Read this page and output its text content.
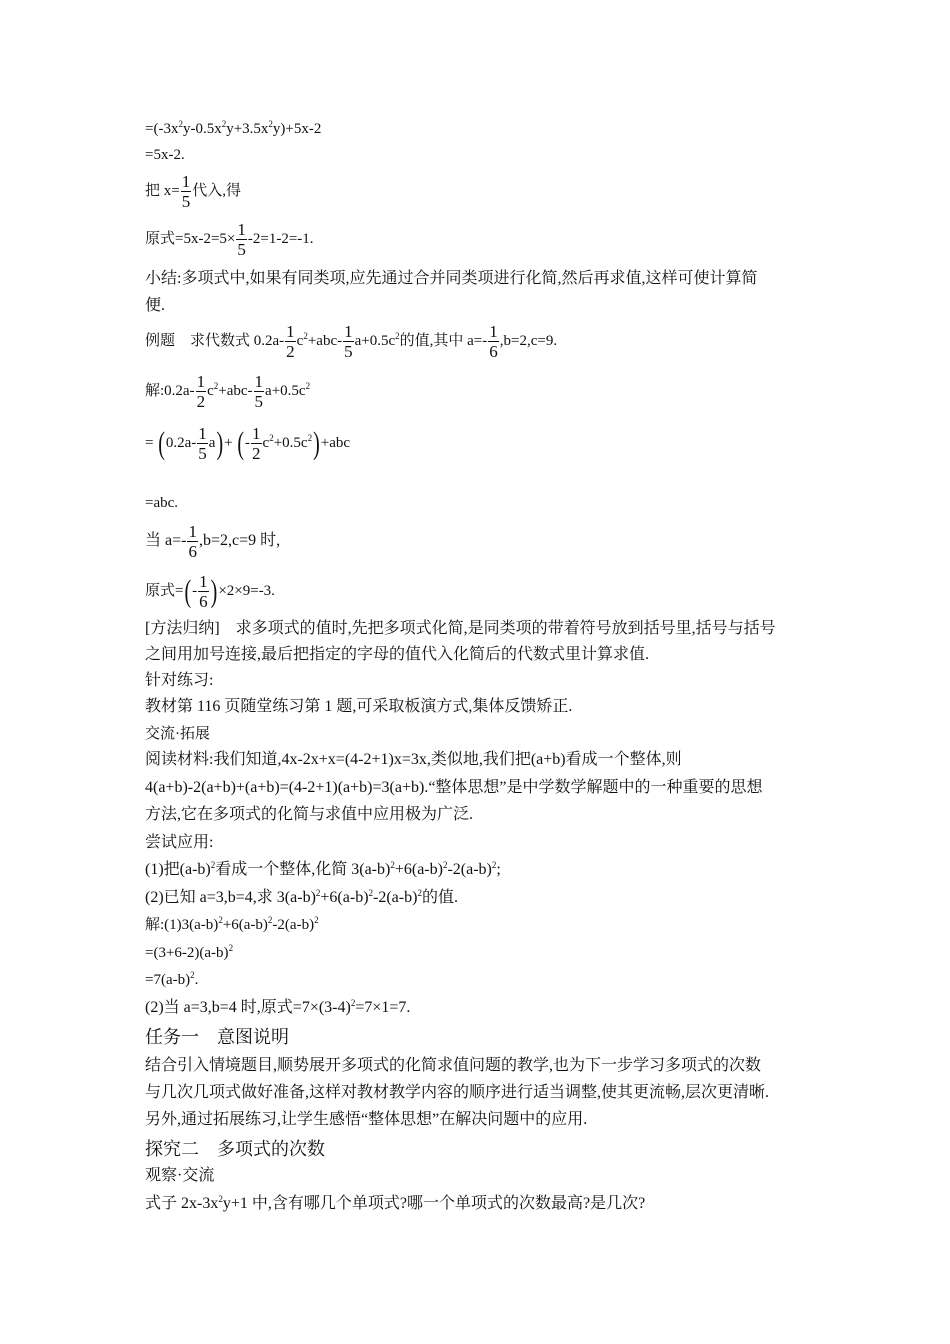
$=(-3x^2y-0.5x^2y+3.5x^2y)+5x-2$
=5x-2.
把 $x= \frac{1}{5}$ 代入,得
原式$=5x-2=5\times \frac{1}{5} -2=1-2=-1$.
小结:多项式中,如果有同类项,应先通过合并同类项进行化简,然后再求值,这样可使计算简
便.
例题　求代数式 $0.2a- \frac{1}{2} c^2+abc- \frac{1}{5} a+0.5c^2$的值,其中 $a=- \frac{1}{6} ,b=2,c=9$.
解:0.2a- $\frac{1}{2} c^2+abc- \frac{1}{5} a+0.5c^2$
= $(0.2a- \frac{1}{5} a)+$ (- $\frac{1}{2} c^2+0.5c^2)+abc$
=abc.
当 $a=- \frac{1}{6} ,b=2,c=9$ 时,
原式=(- $\frac{1}{6} )\times 2\times 9=-3$.
[方法归纳]　求多项式的值时,先把多项式化简,是同类项的带着符号放到括号里,括号与括号
之间用加号连接,最后把指定的字母的值代入化简后的代数式里计算求值.
针对练习:
教材第 116 页随堂练习第 1 题,可采取板演方式,集体反馈矫正.
交流·拓展
阅读材料:我们知道,4x-2x+x=(4-2+1)x=3x,类似地,我们把(a+b)看成一个整体,则
4(a+b)-2(a+b)+(a+b)=(4-2+1)(a+b)=3(a+b).“整体思想”是中学数学解题中的一种重要的思想
方法,它在多项式的化简与求值中应用极为广泛.
尝试应用:
(1)把$(a-b)^2$看成一个整体,化简 $3(a-b)^2+6(a-b)^2-2(a-b)^2$;
(2)已知 a=3,b=4,求 $3(a-b)^2+6(a-b)^2-2(a-b)^2$的值.
解$:(1)3(a-b)^2+6(a-b)^2-2(a-b)^2$
$=(3+6-2)(a-b)^2$
$=7(a-b)^2$.
(2)当 a=3,b=4 时,原式$=7\times(3-4)^2=7\times 1=7$.
任务一　意图说明
结合引入情境题目,顺势展开多项式的化简求值问题的教学,也为下一步学习多项式的次数
与几次几项式做好准备,这样对教材教学内容的顺序进行适当调整,使其更流畅,层次更清晰.
另外,通过拓展练习,让学生感悟“整体思想”在解决问题中的应用.
探究二　多项式的次数
观察·交流
式子 $2x-3x^2y+1$ 中,含有哪几个单项式?哪一个单项式的次数最高?是几次?
